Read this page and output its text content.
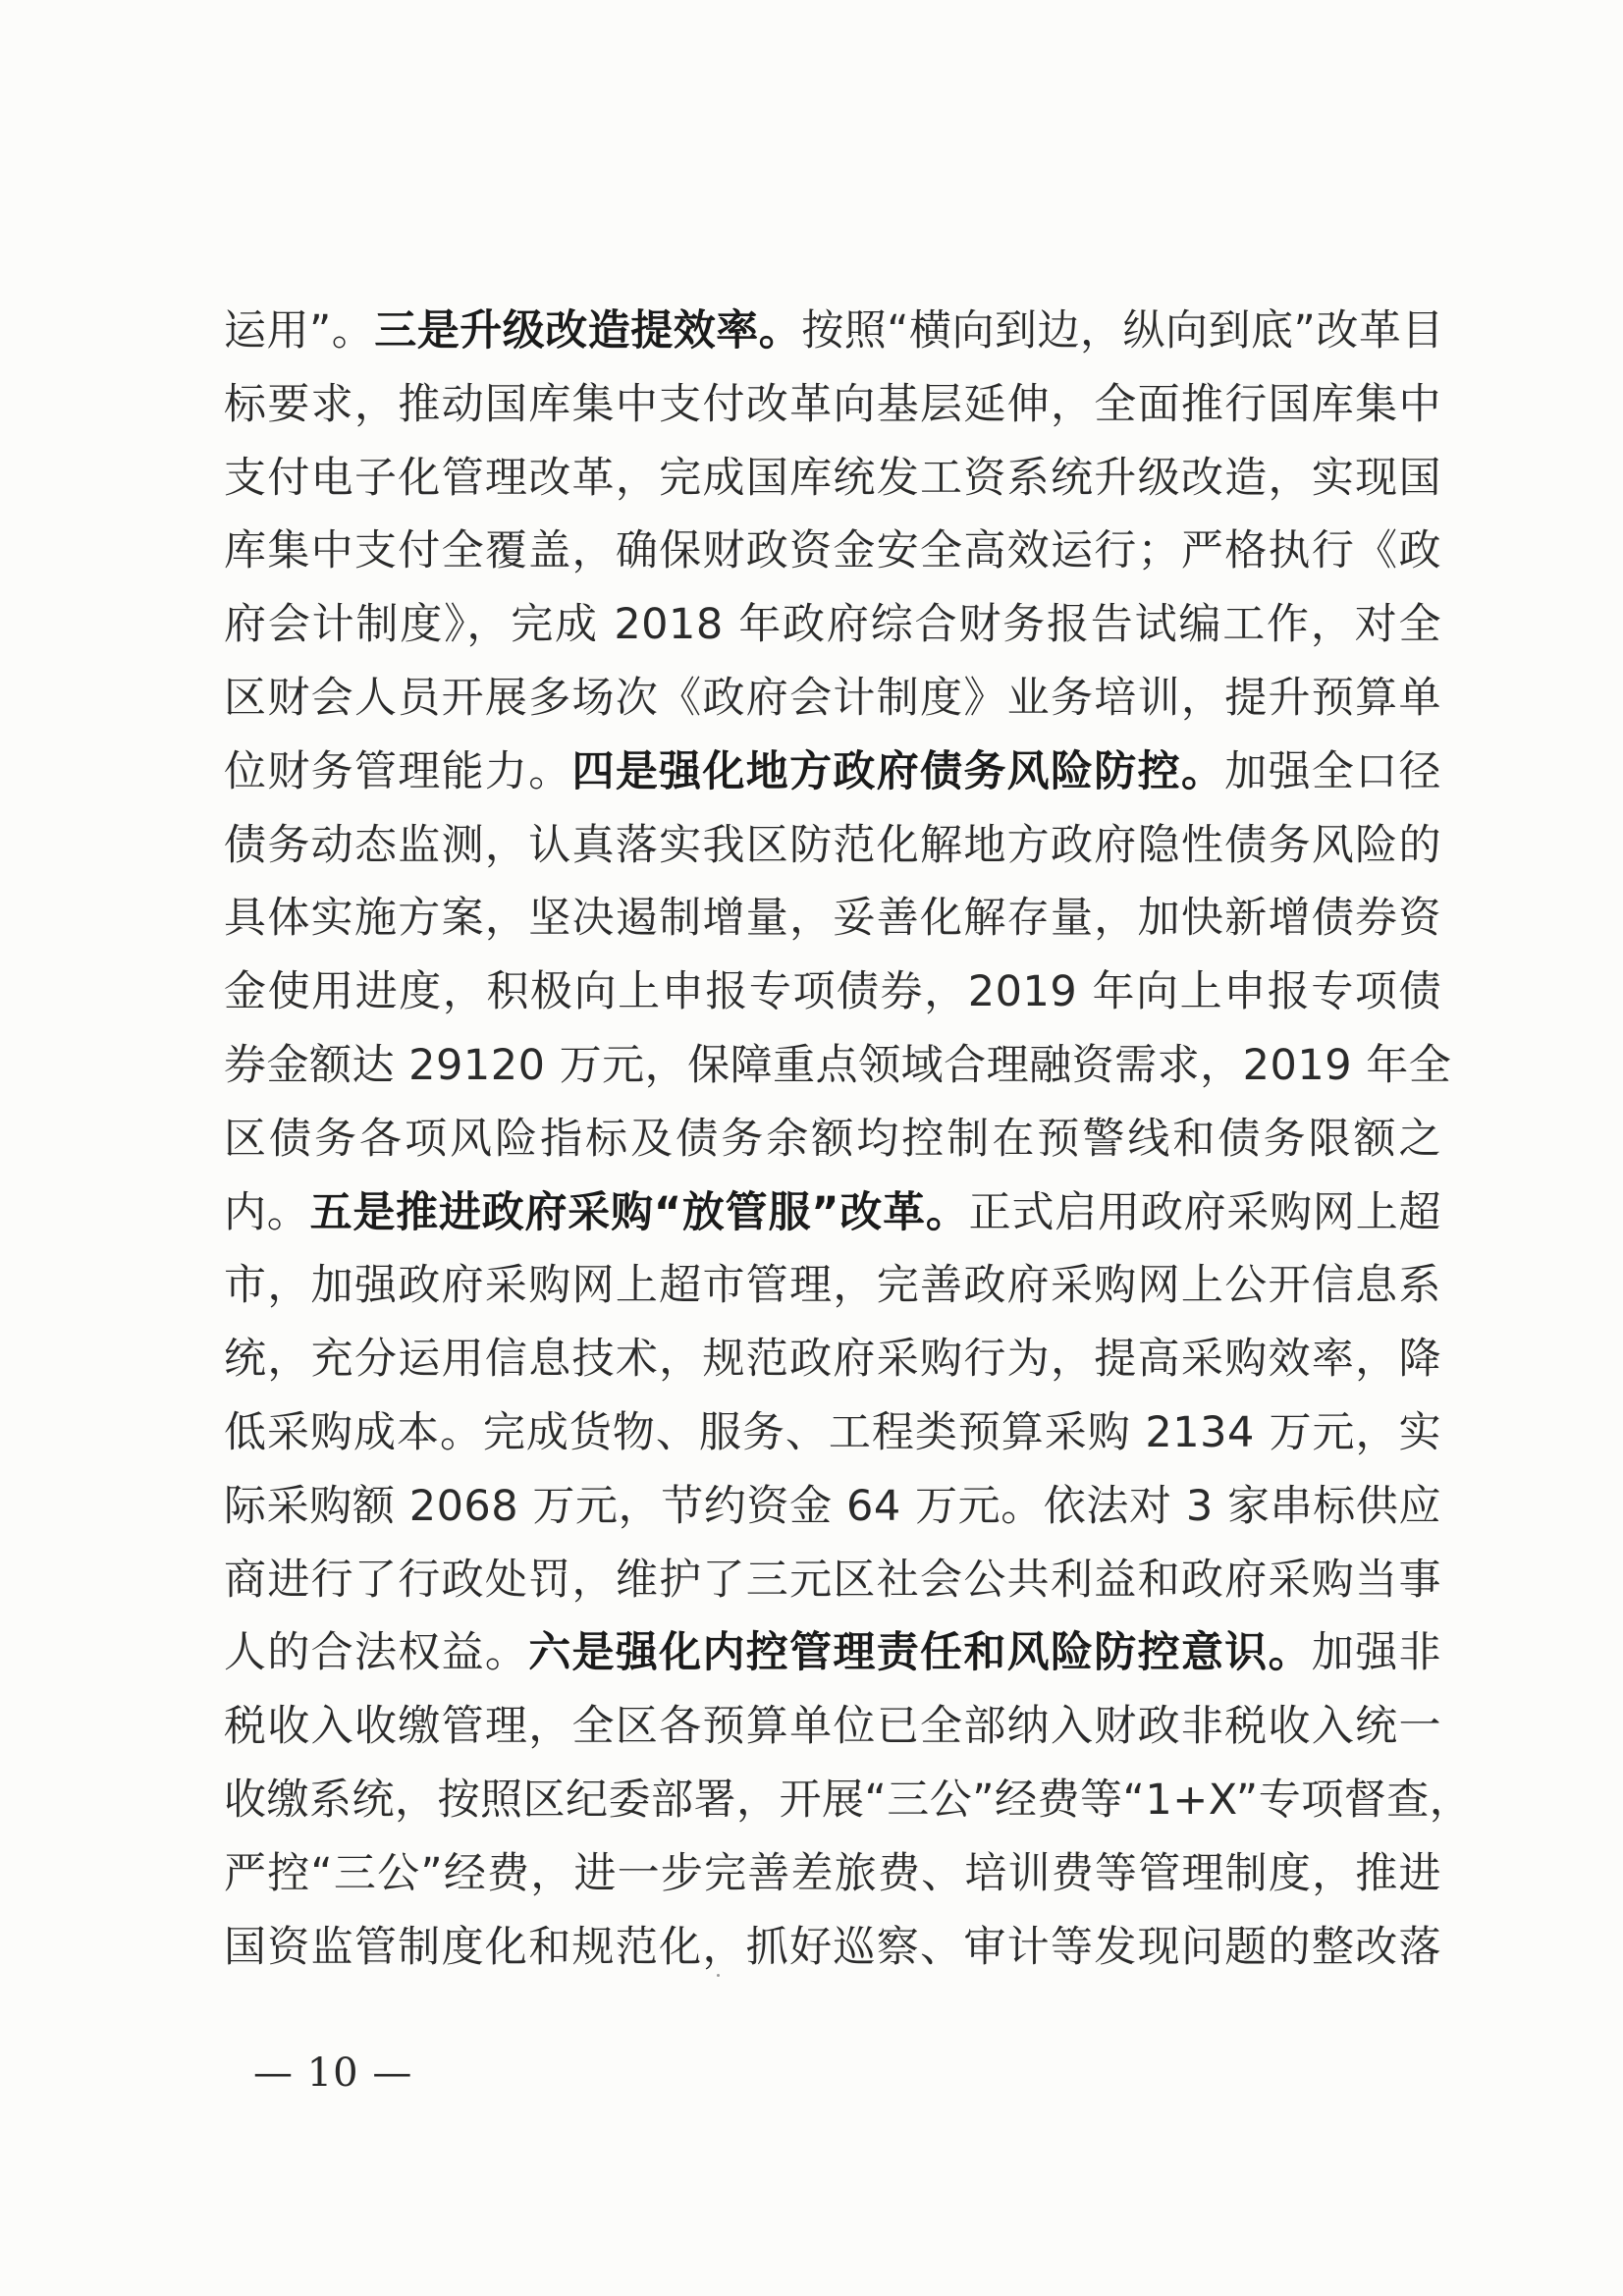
运用”。三是升级改造提效率。按照“横向到边，纵向到底”改革目
标要求，推动国库集中支付改革向基层延伸，全面推行国库集中
支付电子化管理改革，完成国库统发工资系统升级改造，实现国
库集中支付全覆盖，确保财政资金安全高效运行；严格执行《政
府会计制度》，完成 2018 年政府综合财务报告试编工作，对全
区财会人员开展多场次《政府会计制度》业务培训，提升预算单
位财务管理能力。四是强化地方政府债务风险防控。加强全口径
债务动态监测，认真落实我区防范化解地方政府隐性债务风险的
具体实施方案，坚决遏制增量，妥善化解存量，加快新增债券资
金使用进度，积极向上申报专项债券，2019 年向上申报专项债
券金额达 29120 万元，保障重点领域合理融资需求，2019 年全
区债务各项风险指标及债务余额均控制在预警线和债务限额之
内。五是推进政府采购“放管服”改革。正式启用政府采购网上超
市，加强政府采购网上超市管理，完善政府采购网上公开信息系
统，充分运用信息技术，规范政府采购行为，提高采购效率，降
低采购成本。完成货物、服务、工程类预算采购 2134 万元，实
际采购额 2068 万元，节约资金 64 万元。依法对 3 家串标供应
商进行了行政处罚，维护了三元区社会公共利益和政府采购当事
人的合法权益。六是强化内控管理责任和风险防控意识。加强非
税收入收缴管理，全区各预算单位已全部纳入财政非税收入统一
收缴系统，按照区纪委部署，开展“三公”经费等“1+X”专项督查，
严控“三公”经费，进一步完善差旅费、培训费等管理制度，推进
国资监管制度化和规范化，抓好巡察、审计等发现问题的整改落
— 10 —
